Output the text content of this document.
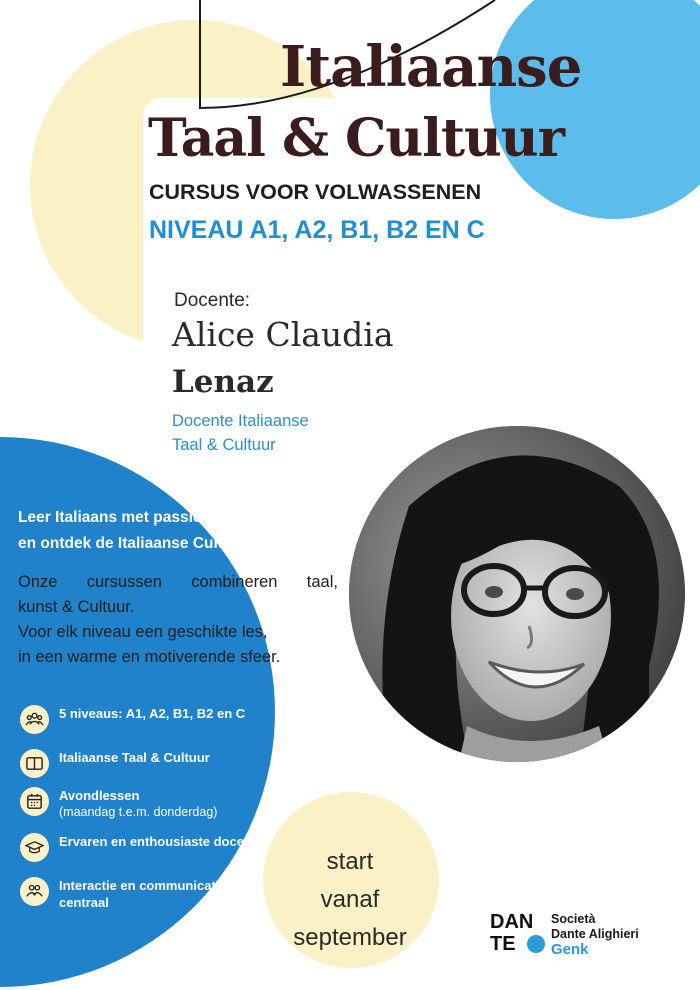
Italiaanse
Taal & Cultuur
CURSUS VOOR VOLWASSENEN
NIVEAU A1, A2, B1, B2 EN C
Docente:
Alice Claudia
Lenaz
Docente Italiaanse
Taal & Cultuur
Leer Italiaans met passie
en ontdek de Italiaanse Cultuur!
Onze cursussen combineren taal,
kunst & Cultuur.
Voor elk niveau een geschikte les,
in een warme en motiverende sfeer.
5 niveaus: A1, A2, B1, B2 en C
Italiaanse Taal & Cultuur
Avondlessen
(maandag t.e.m. donderdag)
Ervaren en enthousiaste docente
Interactie en communicatie staan centraal
start
vanaf
september
DAN
TE
Società
Dante Alighieri
Genk
